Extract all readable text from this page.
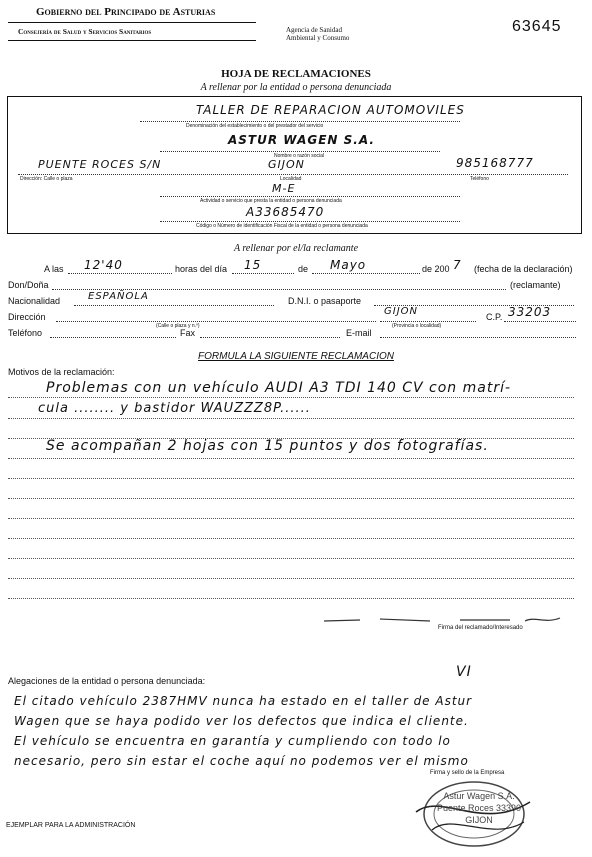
Gobierno del Principado de Asturias
Consejería de Salud y Servicios Sanitarios	Agencia de Sanidad
Ambiental y Consumo
63645
HOJA DE RECLAMACIONES
A rellenar por la entidad o persona denunciada
TALLER DE REPARACION AUTOMOVILES
Denominación del establecimiento o del prestador del servicio
ASTUR WAGEN S.A.
Nombre o razón social
PUENTE ROCES S/N	GIJON	985168777
Dirección: Calle o plaza	Localidad	Teléfono
M-E
Actividad o servicio que presta la entidad o persona denunciada
A33685470
Código o Número de identificación Fiscal de la entidad o persona denunciada
A rellenar por el/la reclamante
A las 12'40	horas del día 15	de Mayo	de 200 7 (fecha de la declaración)
Don/Doña	(reclamante)
Nacionalidad	ESPAÑOLA	D.N.I. o pasaporte
Dirección
(Calle o plaza y n.º)
GIJON
(Provincia o localidad)
C.P. 33203
Teléfono	Fax	E-mail
FORMULA LA SIGUIENTE RECLAMACION
Motivos de la reclamación:
Problemas con un vehículo AUDI A3 TDI 140 CV con matrí-
cula ........ y bastidor WAUZZZ8P......
Se acompañan 2 hojas con 15 puntos y dos fotografías.
Firma del reclamado/Interesado
Alegaciones de la entidad o persona denunciada:
VI
El citado vehículo 2387HMV nunca ha estado en el taller de Astur
Wagen que se haya podido ver los defectos que indica el cliente.
El vehículo se encuentra en garantía y cumpliendo con todo lo
necesario, pero sin estar el coche aquí no podemos ver el mismo
Firma y sello de la Empresa
Astur Wagen S.A. Puente Roces 33390 GIJON
EJEMPLAR PARA LA ADMINISTRACIÓN
